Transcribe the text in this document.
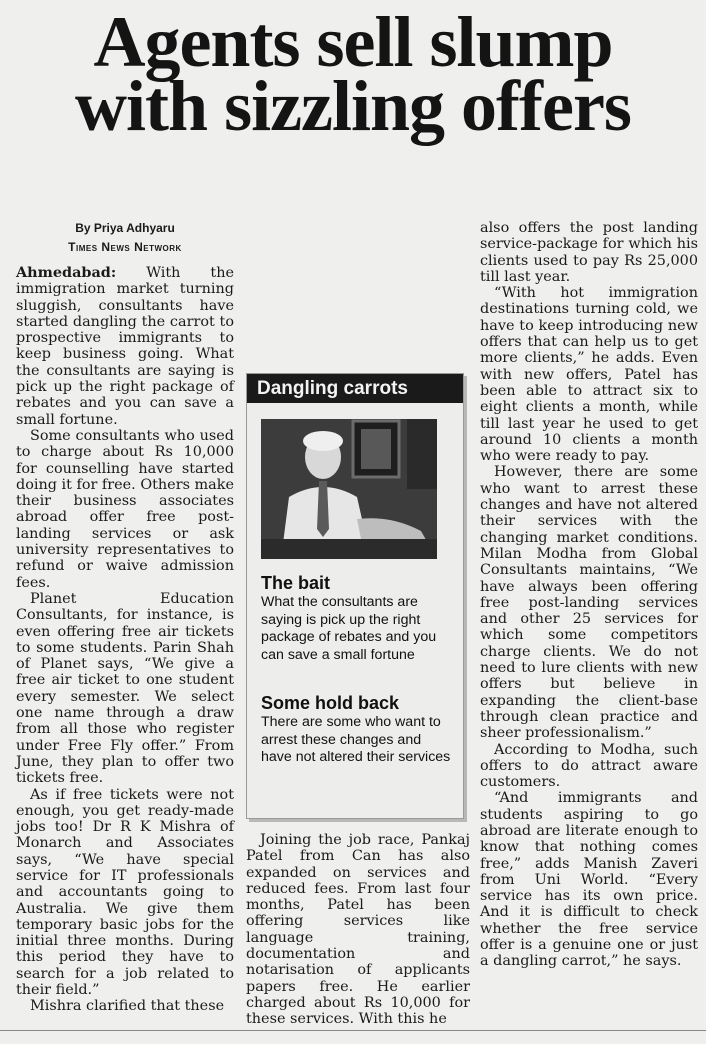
Agents sell slump
with sizzling offers
By Priya Adhyaru
Times News Network

Ahmedabad: With the immigration market turning sluggish, consultants have started dangling the carrot to prospective immigrants to keep business going. What the consultants are saying is pick up the right package of rebates and you can save a small fortune.

Some consultants who used to charge about Rs 10,000 for counselling have started doing it for free. Others make their business associates abroad offer free post-landing services or ask university representatives to refund or waive admission fees.

Planet Education Consultants, for instance, is even offering free air tickets to some students. Parin Shah of Planet says, “We give a free air ticket to one student every semester. We select one name through a draw from all those who register under Free Fly offer.” From June, they plan to offer two tickets free.

As if free tickets were not enough, you get ready-made jobs too! Dr R K Mishra of Monarch and Associates says, “We have special service for IT professionals and accountants going to Australia. We give them temporary basic jobs for the initial three months. During this period they have to search for a job related to their field.”

Mishra clarified that these

Dangling carrots
The bait

What the consultants are saying is pick up the right package of rebates and you can save a small fortune

Some hold back

There are some who want to arrest these changes and have not altered their services

Joining the job race, Pankaj Patel from Can has also expanded on services and reduced fees. From last four months, Patel has been offering services like language training, documentation and notarisation of applicants papers free. He earlier charged about Rs 10,000 for these services. With this he

also offers the post landing service-package for which his clients used to pay Rs 25,000 till last year.

“With hot immigration destinations turning cold, we have to keep introducing new offers that can help us to get more clients,” he adds. Even with new offers, Patel has been able to attract six to eight clients a month, while till last year he used to get around 10 clients a month who were ready to pay.

However, there are some who want to arrest these changes and have not altered their services with the changing market conditions. Milan Modha from Global Consultants maintains, “We have always been offering free post-landing services and other 25 services for which some competitors charge clients. We do not need to lure clients with new offers but believe in expanding the client-base through clean practice and sheer professionalism.”

According to Modha, such offers to do attract aware customers.

“And immigrants and students aspiring to go abroad are literate enough to know that nothing comes free,” adds Manish Zaveri from Uni World. “Every service has its own price. And it is difficult to check whether the free service offer is a genuine one or just a dangling carrot,” he says.
